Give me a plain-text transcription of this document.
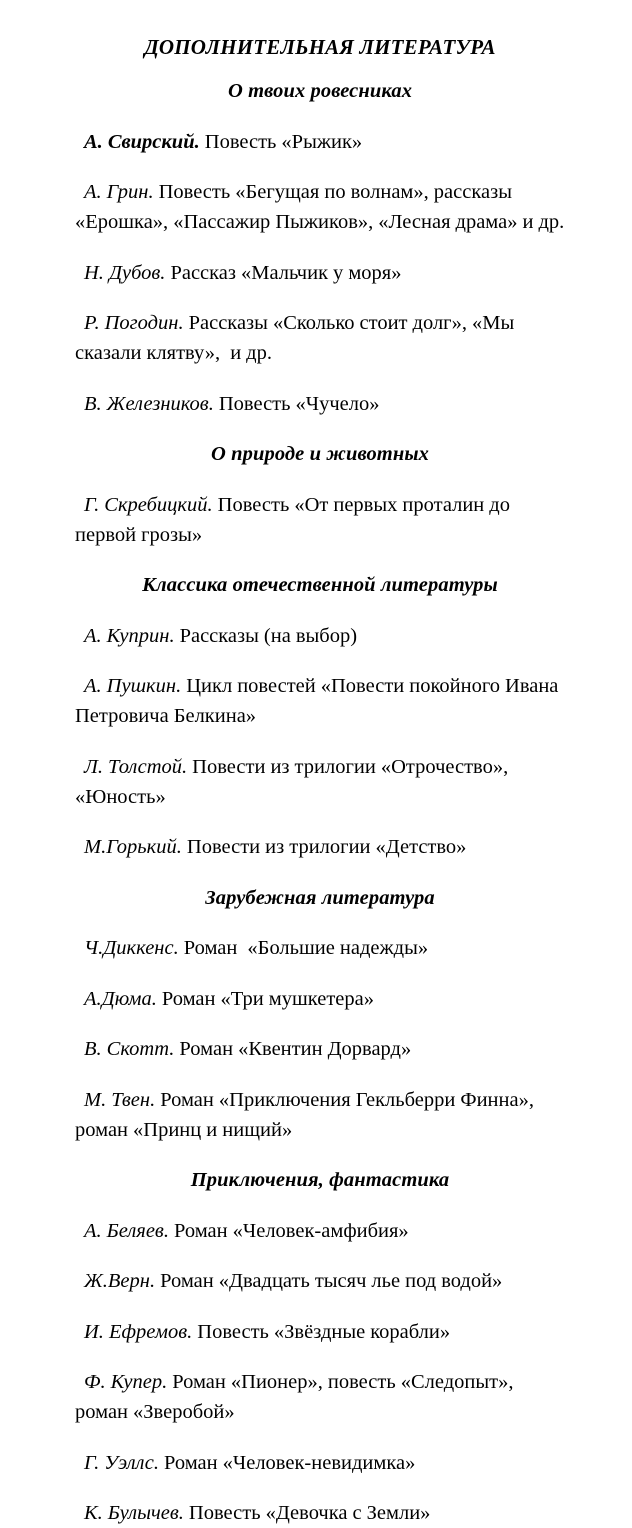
ДОПОЛНИТЕЛЬНАЯ ЛИТЕРАТУРА
О твоих ровесниках

А. Свирский. Повесть «Рыжик»

А. Грин. Повесть «Бегущая по волнам», рассказы «Ерошка», «Пассажир Пыжиков», «Лесная драма» и др.

Н. Дубов. Рассказ «Мальчик у моря»

Р. Погодин. Рассказы «Сколько стоит долг», «Мы сказали клятву»,  и др.

В. Железников. Повесть «Чучело»

О природе и животных

Г. Скребицкий. Повесть «От первых проталин до первой грозы»

Классика отечественной литературы

А. Куприн. Рассказы (на выбор)

А. Пушкин. Цикл повестей «Повести покойного Ивана Петровича Белкина»

Л. Толстой. Повести из трилогии «Отрочество», «Юность»

М.Горький. Повести из трилогии «Детство»

Зарубежная литература

Ч.Диккенс. Роман  «Большие надежды»

А.Дюма. Роман «Три мушкетера»

В. Скотт. Роман «Квентин Дорвард»

М. Твен. Роман «Приключения Гекльберри Финна», роман «Принц и нищий»

Приключения, фантастика

А. Беляев. Роман «Человек-амфибия»

Ж.Верн. Роман «Двадцать тысяч лье под водой»

И. Ефремов. Повесть «Звёздные корабли»

Ф. Купер. Роман «Пионер», повесть «Следопыт», роман «Зверобой»

Г. Уэллс. Роман «Человек-невидимка»

К. Булычев. Повесть «Девочка с Земли»
